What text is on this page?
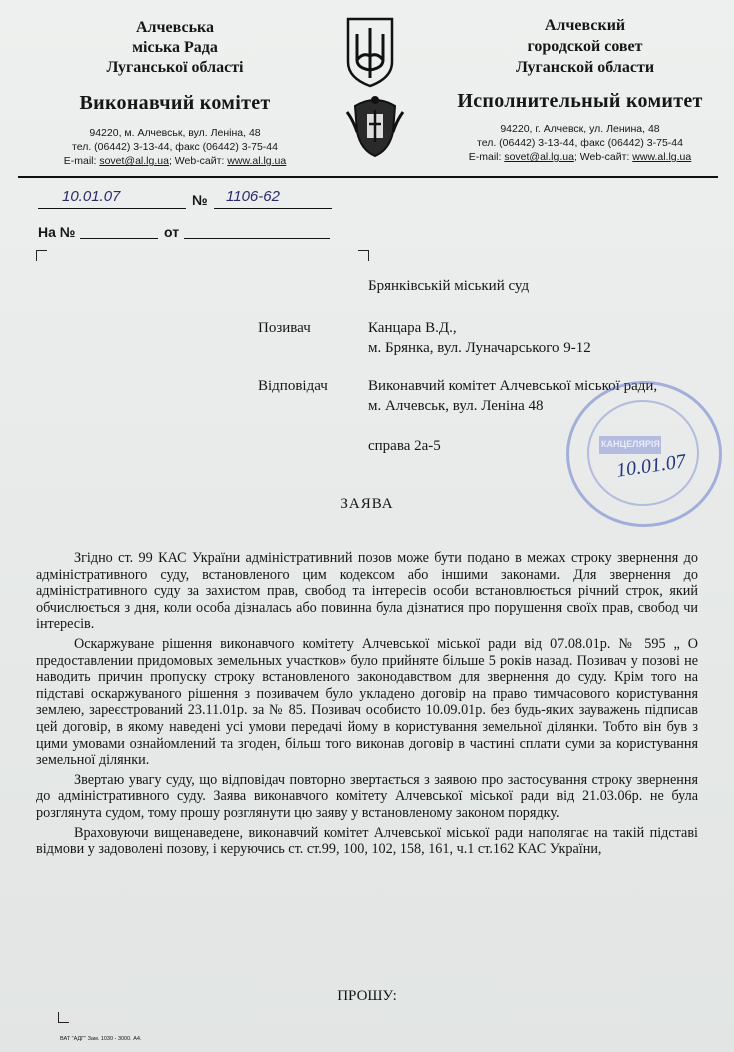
Алчевська
міська Рада
Луганської області
Виконавчий комітет
94220, м. Алчевськ, вул. Леніна, 48
тел. (06442) 3-13-44, факс (06442) 3-75-44
E-mail: sovet@al.lg.ua; Web-сайт: www.al.lg.ua
Алчевский
городской совет
Луганской области
Исполнительный комитет
94220, г. Алчевск, ул. Ленина, 48
тел. (06442) 3-13-44, факс (06442) 3-75-44
E-mail: sovet@al.lg.ua; Web-сайт: www.al.lg.ua
10.01.07	№ 1106-62
На №	от
Брянківській міський суд
Позивач	Канцара В.Д.,
м. Брянка, вул. Луначарського 9-12
Відповідач	Виконавчий комітет Алчевської міської ради,
м. Алчевськ, вул. Леніна 48
справа 2а-5	КАНЦЕЛЯРІЯ
10.01.07
ЗАЯВА

Згідно ст. 99 КАС України адміністративний позов може бути подано в межах строку звернення до адміністративного суду, встановленого цим кодексом або іншими законами. Для звернення до адміністративного суду за захистом прав, свобод та інтересів особи встановлюється річний строк, який обчислюється з дня, коли особа дізналась або повинна була дізнатися про порушення своїх прав, свобод чи інтересів.

Оскаржуване рішення виконавчого комітету Алчевської міської ради від 07.08.01р. № 595 „ О предоставлении придомовых земельных участков» було прийняте більше 5 років назад. Позивач у позові не наводить причин пропуску строку встановленого законодавством для звернення до суду. Крім того на підставі оскаржуваного рішення з позивачем було укладено договір на право тимчасового користування землею, зареєстрований 23.11.01р. за № 85. Позивач особисто 10.09.01р. без будь-яких зауважень підписав цей договір, в якому наведені усі умови передачі йому в користування земельної ділянки. Тобто він був з цими умовами ознайомлений та згоден, більш того виконав договір в частині сплати суми за користування земельної ділянки.

Звертаю увагу суду, що відповідач повторно звертається з заявою про застосування строку звернення до адміністративного суду. Заява виконавчого комітету Алчевської міської ради від 21.03.06р. не була розглянута судом, тому прошу розглянути цю заяву у встановленому законом порядку.

Враховуючи вищенаведене, виконавчий комітет Алчевської міської ради наполягає на такій підставі відмови у задоволені позову, і керуючись ст. ст.99, 100, 102, 158, 161, ч.1 ст.162 КАС України,

ПРОШУ:
ВАТ "АДГ" Зам. 1030 - 3000. А4.
